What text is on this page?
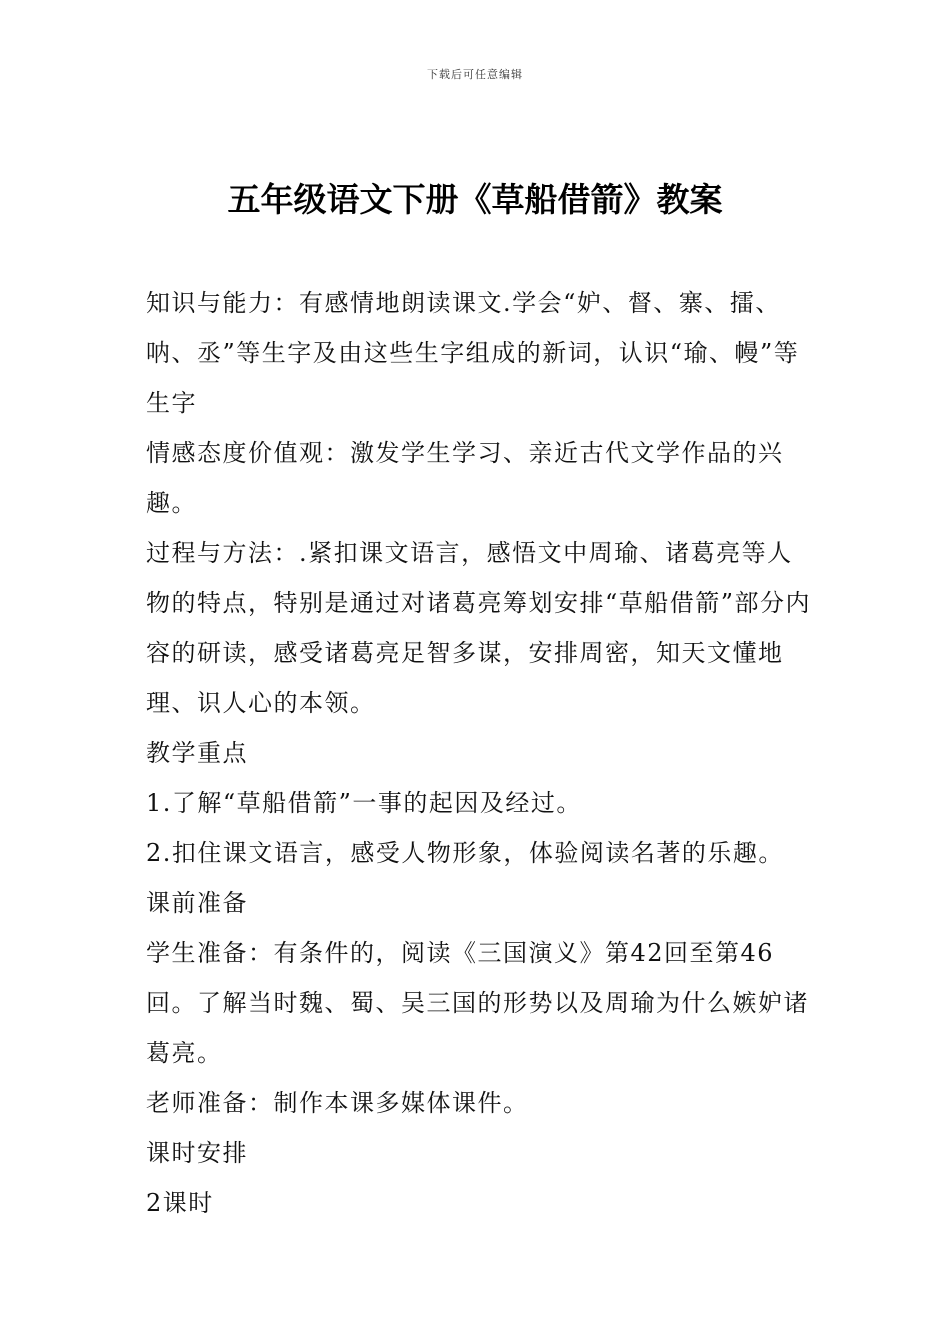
下载后可任意编辑
五年级语文下册《草船借箭》教案

知识与能力：有感情地朗读课文.学会“妒、督、寨、擂、呐、丞”等生字及由这些生字组成的新词，认识“瑜、幔”等生字

情感态度价值观：激发学生学习、亲近古代文学作品的兴趣。

过程与方法：.紧扣课文语言，感悟文中周瑜、诸葛亮等人物的特点，特别是通过对诸葛亮筹划安排“草船借箭”部分内容的研读，感受诸葛亮足智多谋，安排周密，知天文懂地理、识人心的本领。

教学重点

1.了解“草船借箭”一事的起因及经过。

2.扣住课文语言，感受人物形象，体验阅读名著的乐趣。

课前准备

学生准备：有条件的，阅读《三国演义》第42回至第46回。了解当时魏、蜀、吴三国的形势以及周瑜为什么嫉妒诸葛亮。

老师准备：制作本课多媒体课件。

课时安排

2课时
